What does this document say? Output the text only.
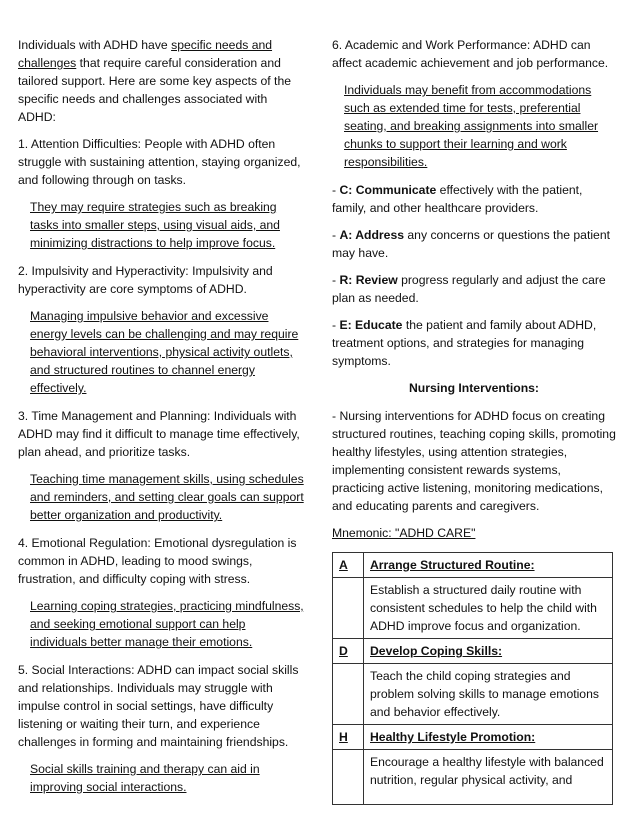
Individuals with ADHD have specific needs and challenges that require careful consideration and tailored support. Here are some key aspects of the specific needs and challenges associated with ADHD:

1. Attention Difficulties: People with ADHD often struggle with sustaining attention, staying organized, and following through on tasks.

They may require strategies such as breaking tasks into smaller steps, using visual aids, and minimizing distractions to help improve focus.

2. Impulsivity and Hyperactivity: Impulsivity and hyperactivity are core symptoms of ADHD.

Managing impulsive behavior and excessive energy levels can be challenging and may require behavioral interventions, physical activity outlets, and structured routines to channel energy effectively.

3. Time Management and Planning: Individuals with ADHD may find it difficult to manage time effectively, plan ahead, and prioritize tasks.

Teaching time management skills, using schedules and reminders, and setting clear goals can support better organization and productivity.

4. Emotional Regulation: Emotional dysregulation is common in ADHD, leading to mood swings, frustration, and difficulty coping with stress.

Learning coping strategies, practicing mindfulness, and seeking emotional support can help individuals better manage their emotions.

5. Social Interactions: ADHD can impact social skills and relationships. Individuals may struggle with impulse control in social settings, have difficulty listening or waiting their turn, and experience challenges in forming and maintaining friendships.

Social skills training and therapy can aid in improving social interactions.

6. Academic and Work Performance: ADHD can affect academic achievement and job performance.

Individuals may benefit from accommodations such as extended time for tests, preferential seating, and breaking assignments into smaller chunks to support their learning and work responsibilities.

- C: Communicate effectively with the patient, family, and other healthcare providers.

- A: Address any concerns or questions the patient may have.

- R: Review progress regularly and adjust the care plan as needed.

- E: Educate the patient and family about ADHD, treatment options, and strategies for managing symptoms.

Nursing Interventions:

- Nursing interventions for ADHD focus on creating structured routines, teaching coping skills, promoting healthy lifestyles, using attention strategies, implementing consistent rewards systems, practicing active listening, monitoring medications, and educating parents and caregivers.

Mnemonic: "ADHD CARE"

A	Arrange Structured Routine:
	Establish a structured daily routine with consistent schedules to help the child with ADHD improve focus and organization.
D	Develop Coping Skills:
	Teach the child coping strategies and problem solving skills to manage emotions and behavior effectively.
H	Healthy Lifestyle Promotion:

	Encourage a healthy lifestyle with balanced nutrition, regular physical activity, and
